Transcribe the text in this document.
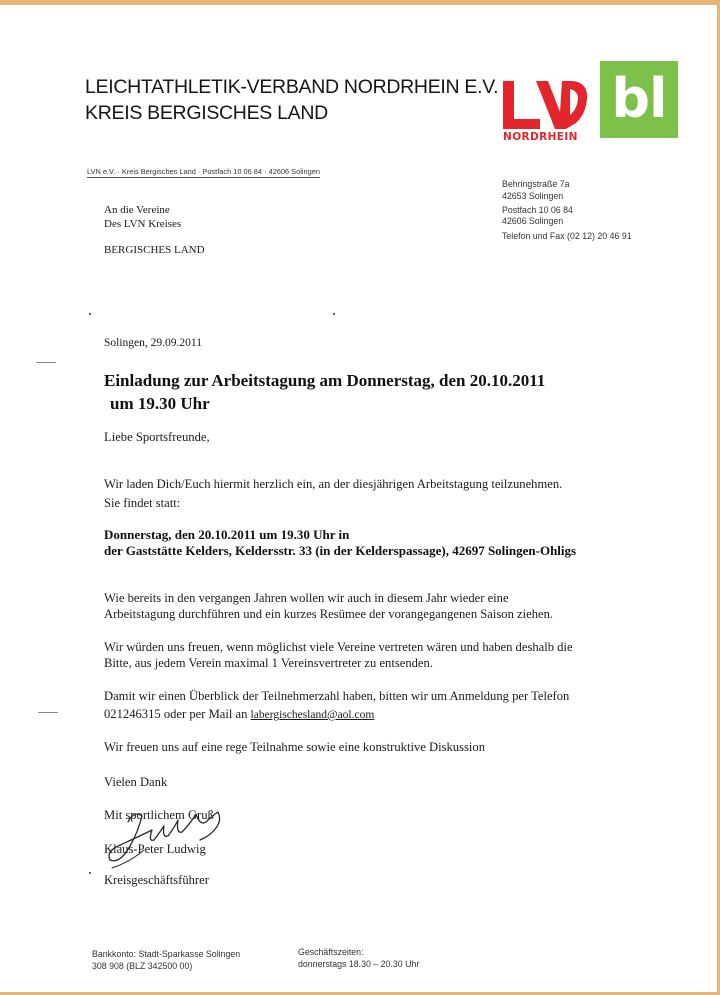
LEICHTATHLETIK-VERBAND NORDRHEIN E.V.
KREIS BERGISCHES LAND
NORDRHEIN
bl
LVN e.V. · Kreis Bergisches Land · Postfach 10 06 84 · 42606 Solingen
Behringstraße 7a
42653 Solingen
Postfach 10 06 84
42606 Solingen
Telefon und Fax (02 12) 20 46 91
An die Vereine
Des LVN Kreises
BERGISCHES LAND
Solingen, 29.09.2011
Einladung zur Arbeitstagung am Donnerstag, den 20.10.2011
um 19.30 Uhr
Liebe Sportsfreunde,
Wir laden Dich/Euch hiermit herzlich ein, an der diesjährigen Arbeitstagung teilzunehmen.
Sie findet statt:
Donnerstag, den 20.10.2011 um 19.30 Uhr in
der Gaststätte Kelders, Keldersstr. 33 (in der Kelderspassage), 42697 Solingen-Ohligs
Wie bereits in den vergangen Jahren wollen wir auch in diesem Jahr wieder eine
Arbeitstagung durchführen und ein kurzes Resümee der vorangegangenen Saison ziehen.
Wir würden uns freuen, wenn möglichst viele Vereine vertreten wären und haben deshalb die
Bitte, aus jedem Verein maximal 1 Vereinsvertreter zu entsenden.
Damit wir einen Überblick der Teilnehmerzahl haben, bitten wir um Anmeldung per Telefon
021246315 oder per Mail an labergischesland@aol.com
Wir freuen uns auf eine rege Teilnahme sowie eine konstruktive Diskussion
Vielen Dank
Mit sportlichem Gruß
Klaus-Peter Ludwig
Kreisgeschäftsführer
Bankkonto: Stadt-Sparkasse Solingen
308 908 (BLZ 342500 00)
Geschäftszeiten:
donnerstags 18.30 – 20.30 Uhr
